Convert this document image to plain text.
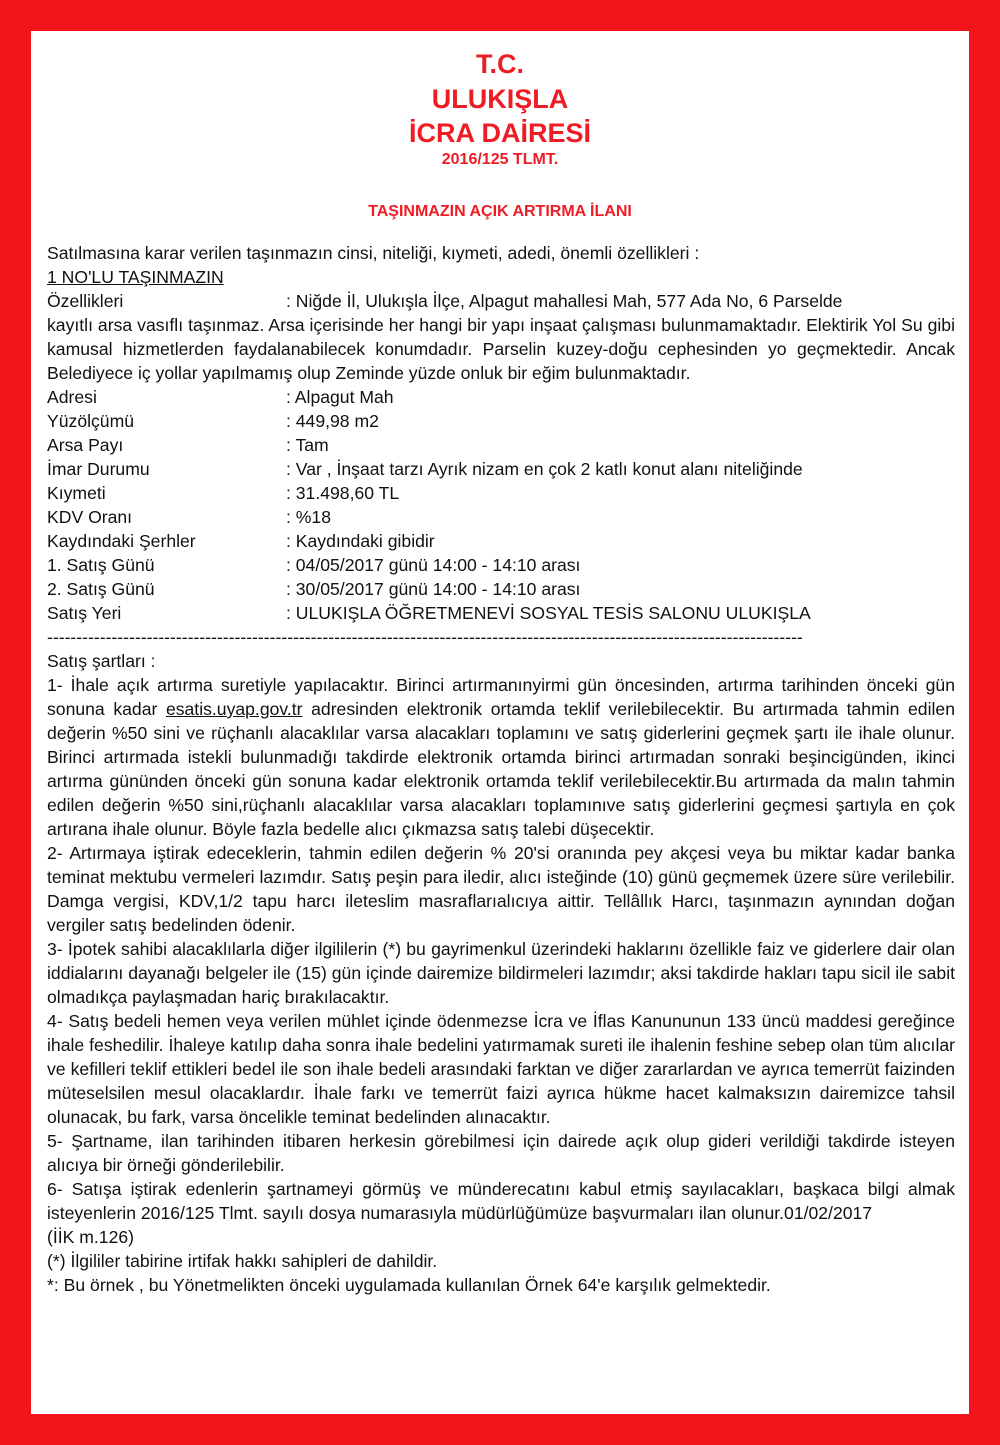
T.C.
ULUKIŞLA
İCRA DAİRESİ
2016/125 TLMT.
TAŞINMAZIN AÇIK ARTIRMA İLANI
Satılmasına karar verilen taşınmazın cinsi, niteliği, kıymeti, adedi, önemli özellikleri :
1 NO'LU TAŞINMAZIN
Özellikleri	: Niğde İl, Ulukışla İlçe, Alpagut mahallesi Mah, 577 Ada No, 6 Parselde
kayıtlı arsa vasıflı taşınmaz. Arsa içerisinde her hangi bir yapı inşaat çalışması bulunmamaktadır. Elektirik Yol Su gibi kamusal hizmetlerden faydalanabilecek konumdadır. Parselin kuzey-doğu cephesinden yo geçmektedir. Ancak Belediyece iç yollar yapılmamış olup Zeminde yüzde onluk bir eğim bulunmaktadır.
Adresi	: Alpagut Mah
Yüzölçümü	: 449,98 m2
Arsa Payı	: Tam
İmar Durumu	: Var , İnşaat tarzı Ayrık nizam en çok 2 katlı konut alanı niteliğinde
Kıymeti	: 31.498,60 TL
KDV Oranı	: %18
Kaydındaki Şerhler	: Kaydındaki gibidir
1. Satış Günü	: 04/05/2017 günü 14:00 - 14:10 arası
2. Satış Günü	: 30/05/2017 günü 14:00 - 14:10 arası
Satış Yeri	: ULUKIŞLA ÖĞRETMENEVİ SOSYAL TESİS SALONU ULUKIŞLA
---------------------------------------------------------------------------------------------------------------------------------
Satış şartları :
1- İhale açık artırma suretiyle yapılacaktır. Birinci artırmanınyirmi gün öncesinden, artırma tarihinden önceki gün sonuna kadar esatis.uyap.gov.tr adresinden elektronik ortamda teklif verilebilecektir. Bu artırmada tahmin edilen değerin %50 sini ve rüçhanlı alacaklılar varsa alacakları toplamını ve satış giderlerini geçmek şartı ile ihale olunur. Birinci artırmada istekli bulunmadığı takdirde elektronik ortamda birinci artırmadan sonraki beşincigünden, ikinci artırma gününden önceki gün sonuna kadar elektronik ortamda teklif verilebilecektir.Bu artırmada da malın tahmin edilen değerin %50 sini,rüçhanlı alacaklılar varsa alacakları toplamınıve satış giderlerini geçmesi şartıyla en çok artırana ihale olunur. Böyle fazla bedelle alıcı çıkmazsa satış talebi düşecektir.
2- Artırmaya iştirak edeceklerin, tahmin edilen değerin % 20'si oranında pey akçesi veya bu miktar kadar banka teminat mektubu vermeleri lazımdır. Satış peşin para iledir, alıcı isteğinde (10) günü geçmemek üzere süre verilebilir. Damga vergisi, KDV,1/2 tapu harcı ileteslim masraflarıalıcıya aittir. Tellâllık Harcı, taşınmazın aynından doğan vergiler satış bedelinden ödenir.
3- İpotek sahibi alacaklılarla diğer ilgililerin (*) bu gayrimenkul üzerindeki haklarını özellikle faiz ve giderlere dair olan iddialarını dayanağı belgeler ile (15) gün içinde dairemize bildirmeleri lazımdır; aksi takdirde hakları tapu sicil ile sabit olmadıkça paylaşmadan hariç bırakılacaktır.
4- Satış bedeli hemen veya verilen mühlet içinde ödenmezse İcra ve İflas Kanununun 133 üncü maddesi gereğince ihale feshedilir. İhaleye katılıp daha sonra ihale bedelini yatırmamak sureti ile ihalenin feshine sebep olan tüm alıcılar ve kefilleri teklif ettikleri bedel ile son ihale bedeli arasındaki farktan ve diğer zararlardan ve ayrıca temerrüt faizinden müteselsilen mesul olacaklardır. İhale farkı ve temerrüt faizi ayrıca hükme hacet kalmaksızın dairemizce tahsil olunacak, bu fark, varsa öncelikle teminat bedelinden alınacaktır.
5- Şartname, ilan tarihinden itibaren herkesin görebilmesi için dairede açık olup gideri verildiği takdirde isteyen alıcıya bir örneği gönderilebilir.
6- Satışa iştirak edenlerin şartnameyi görmüş ve münderecatını kabul etmiş sayılacakları, başkaca bilgi almak isteyenlerin 2016/125 Tlmt. sayılı dosya numarasıyla müdürlüğümüze başvurmaları ilan olunur.01/02/2017
(İİK m.126)
(*) İlgililer tabirine irtifak hakkı sahipleri de dahildir.
*: Bu örnek , bu Yönetmelikten önceki uygulamada kullanılan Örnek 64'e karşılık gelmektedir.
